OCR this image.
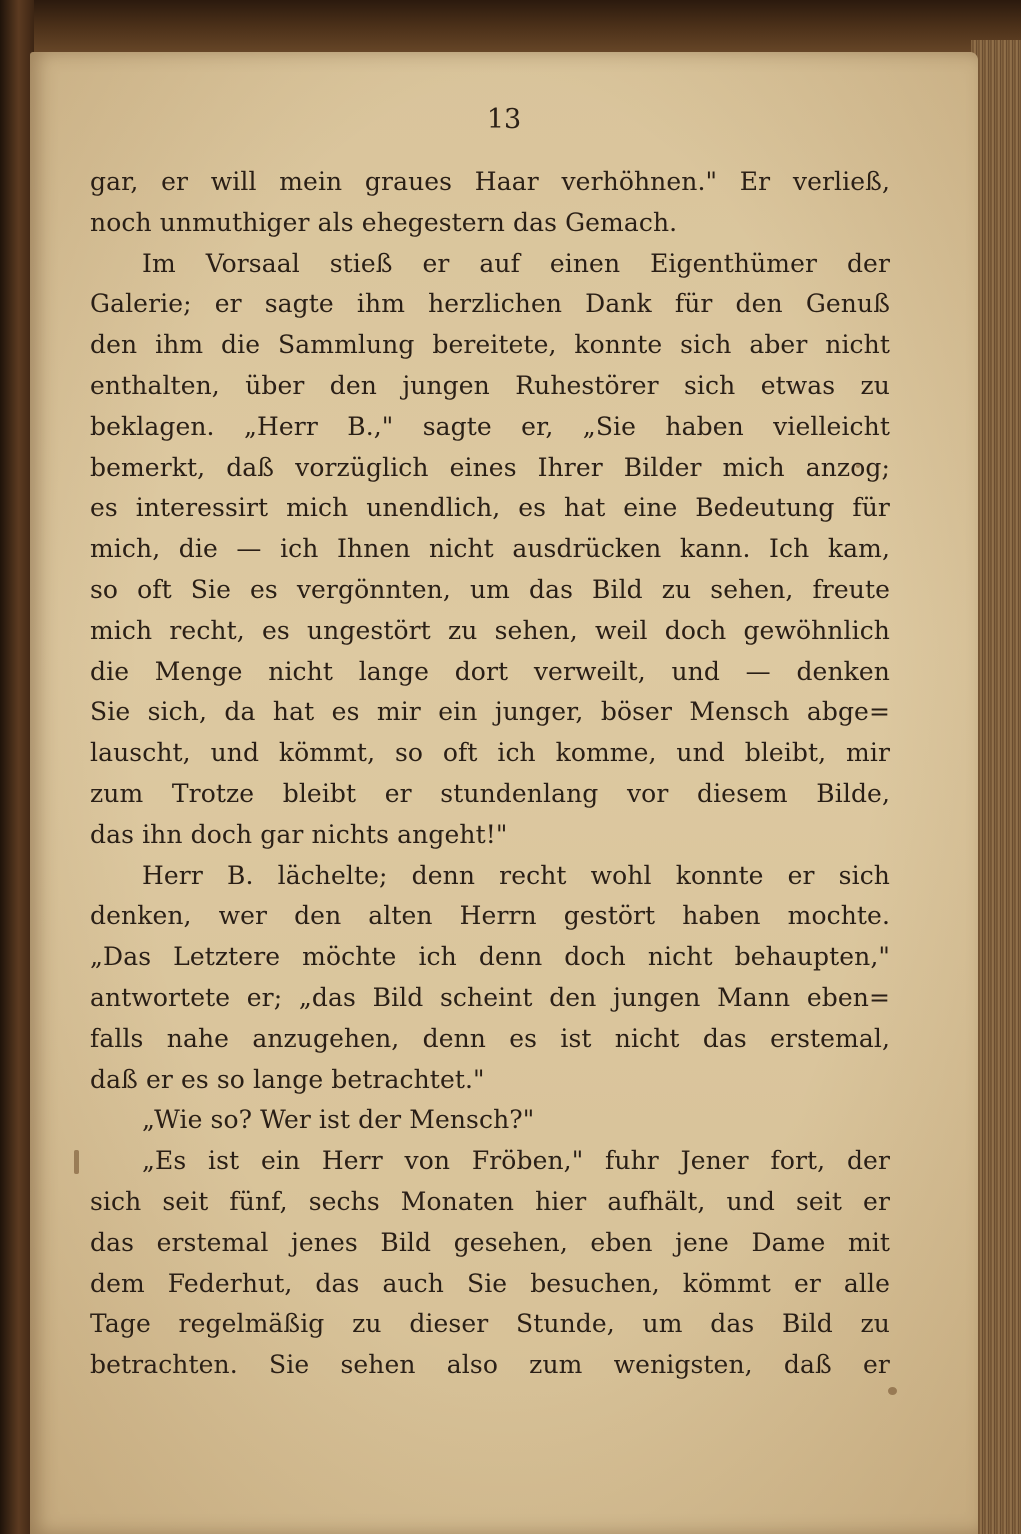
13
gar, er will mein graues Haar verhöhnen." Er verließ,
noch unmuthiger als ehegestern das Gemach.
Im Vorsaal stieß er auf einen Eigenthümer der
Galerie; er sagte ihm herzlichen Dank für den Genuß
den ihm die Sammlung bereitete, konnte sich aber nicht
enthalten, über den jungen Ruhestörer sich etwas zu
beklagen. „Herr B.," sagte er, „Sie haben vielleicht
bemerkt, daß vorzüglich eines Ihrer Bilder mich anzog;
es interessirt mich unendlich, es hat eine Bedeutung für
mich, die — ich Ihnen nicht ausdrücken kann. Ich kam,
so oft Sie es vergönnten, um das Bild zu sehen, freute
mich recht, es ungestört zu sehen, weil doch gewöhnlich
die Menge nicht lange dort verweilt, und — denken
Sie sich, da hat es mir ein junger, böser Mensch abge=
lauscht, und kömmt, so oft ich komme, und bleibt, mir
zum Trotze bleibt er stundenlang vor diesem Bilde,
das ihn doch gar nichts angeht!"
Herr B. lächelte; denn recht wohl konnte er sich
denken, wer den alten Herrn gestört haben mochte.
„Das Letztere möchte ich denn doch nicht behaupten,"
antwortete er; „das Bild scheint den jungen Mann eben=
falls nahe anzugehen, denn es ist nicht das erstemal,
daß er es so lange betrachtet."
„Wie so? Wer ist der Mensch?"
„Es ist ein Herr von Fröben," fuhr Jener fort, der
sich seit fünf, sechs Monaten hier aufhält, und seit er
das erstemal jenes Bild gesehen, eben jene Dame mit
dem Federhut, das auch Sie besuchen, kömmt er alle
Tage regelmäßig zu dieser Stunde, um das Bild zu
betrachten. Sie sehen also zum wenigsten, daß er
